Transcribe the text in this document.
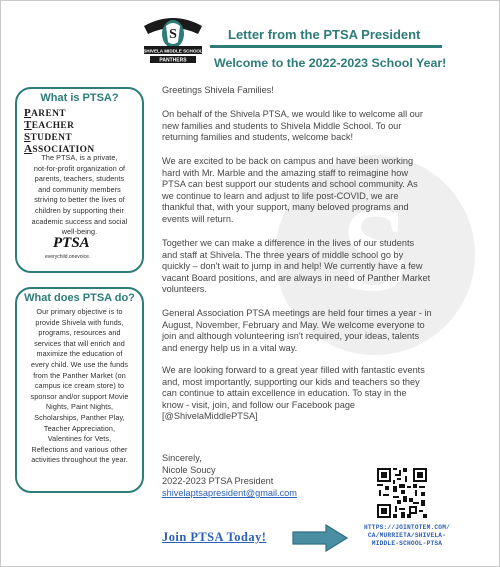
S
SHIVELA MIDDLE SCHOOL
PANTHERS
Letter from the PTSA President
Welcome to the 2022-2023 School Year!
S
What is PTSA?
PARENT
TEACHER
STUDENT
ASSOCIATION
The PTSA, is a private,
not-for-profit organization of
parents, teachers, students
and community members
striving to better the lives of
children by supporting their
academic success and social
well-being.
PTSA
everychild.onevoice.
What does PTSA do?
Our primary objective is to
provide Shivela with funds,
programs, resources and
services that will enrich and
maximize the education of
every child. We use the funds
from the Panther Market (on
campus ice cream store) to
sponsor and/or support Movie
Nights, Paint Nights,
Scholarships, Panther Play,
Teacher Appreciation,
Valentines for Vets,
Reflections and various other
activities throughout the year.
Greetings Shivela Families!
On behalf of the Shivela PTSA, we would like to welcome all our
new families and students to Shivela Middle School. To our
returning families and students, welcome back!
We are excited to be back on campus and have been working
hard with Mr. Marble and the amazing staff to reimagine how
PTSA can best support our students and school community. As
we continue to learn and adjust to life post-COVID, we are
thankful that, with your support, many beloved programs and
events will return.
Together we can make a difference in the lives of our students
and staff at Shivela. The three years of middle school go by
quickly – don't wait to jump in and help! We currently have a few
vacant Board positions, and are always in need of Panther Market
volunteers.
General Association PTSA meetings are held four times a year - in
August, November, February and May. We welcome everyone to
join and although volunteering isn't required, your ideas, talents
and energy help us in a vital way.
We are looking forward to a great year filled with fantastic events
and, most importantly, supporting our kids and teachers so they
can continue to attain excellence in education. To stay in the
know - visit, join, and follow our Facebook page
[@ShivelaMiddlePTSA]
Sincerely,
Nicole Soucy
2022-2023 PTSA President
shivelaptsapresident@gmail.com
Join PTSA Today!
HTTPS://JOINTOTEM.COM/
CA/MURRIETA/SHIVELA-
MIDDLE-SCHOOL-PTSA
